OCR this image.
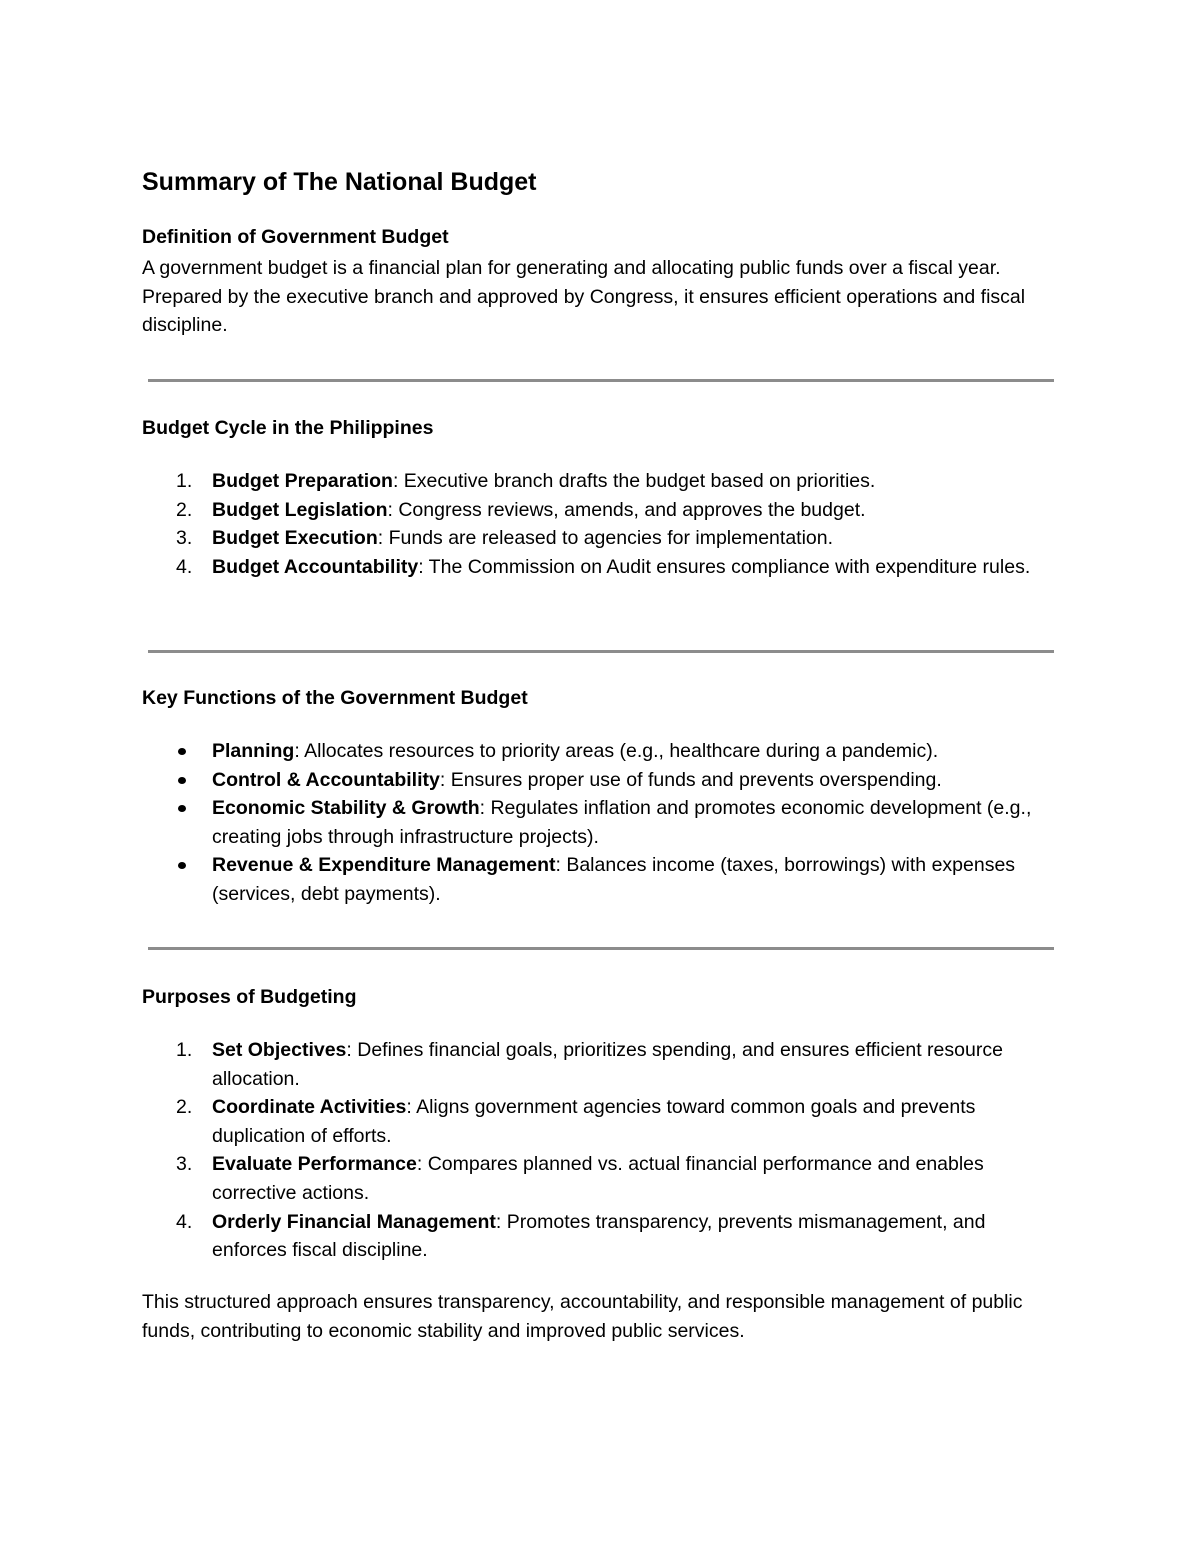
Summary of The National Budget
Definition of Government Budget

A government budget is a financial plan for generating and allocating public funds over a fiscal year. Prepared by the executive branch and approved by Congress, it ensures efficient operations and fiscal discipline.

Budget Cycle in the Philippines
1. Budget Preparation: Executive branch drafts the budget based on priorities.
2. Budget Legislation: Congress reviews, amends, and approves the budget.
3. Budget Execution: Funds are released to agencies for implementation.
4. Budget Accountability: The Commission on Audit ensures compliance with expenditure rules.
Key Functions of the Government Budget
Planning: Allocates resources to priority areas (e.g., healthcare during a pandemic).
Control & Accountability: Ensures proper use of funds and prevents overspending.
Economic Stability & Growth: Regulates inflation and promotes economic development (e.g., creating jobs through infrastructure projects).
Revenue & Expenditure Management: Balances income (taxes, borrowings) with expenses (services, debt payments).
Purposes of Budgeting
1. Set Objectives: Defines financial goals, prioritizes spending, and ensures efficient resource allocation.
2. Coordinate Activities: Aligns government agencies toward common goals and prevents duplication of efforts.
3. Evaluate Performance: Compares planned vs. actual financial performance and enables corrective actions.
4. Orderly Financial Management: Promotes transparency, prevents mismanagement, and enforces fiscal discipline.

This structured approach ensures transparency, accountability, and responsible management of public funds, contributing to economic stability and improved public services.
